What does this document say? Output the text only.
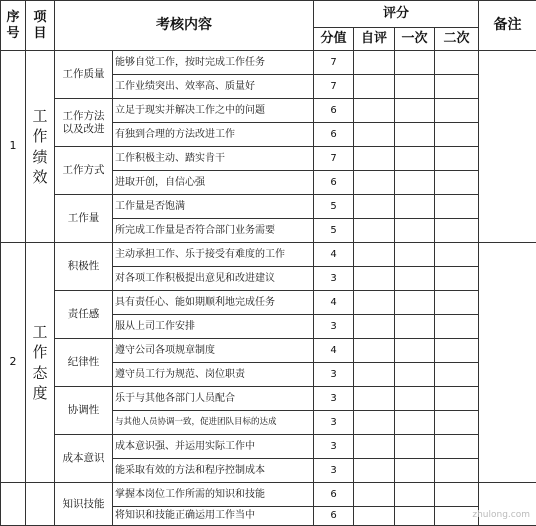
序号	项目	考核内容		评分				备注
				分值	自评	一次	二次	
1	工作绩效	工作质量	能够自觉工作，按时完成工作任务	7				
			工作业绩突出、效率高、质量好	7				
		工作方法以及改进	立足于现实并解决工作之中的问题	6				
			有独到合理的方法改进工作	6				
		工作方式	工作积极主动、踏实肯干	7				
			进取开创，自信心强	6				
		工作量	工作量是否饱满	5				
			所完成工作量是否符合部门业务需要	5				
2	工作态度	积极性	主动承担工作、乐于接受有难度的工作	4				
			对各项工作积极提出意见和改进建议	3				
		责任感	具有责任心、能如期顺利地完成任务	4				
			服从上司工作安排	3				
		纪律性	遵守公司各项规章制度	4				
			遵守员工行为规范、岗位职责	3				
		协调性	乐于与其他各部门人员配合	3				
			与其他人员协调一致，促进团队目标的达成	3				
		成本意识	成本意识强、并运用实际工作中	3				
			能采取有效的方法和程序控制成本	3				
		知识技能	掌握本岗位工作所需的知识和技能	6				
			将知识和技能正确运用工作当中	6					zhulong.com
